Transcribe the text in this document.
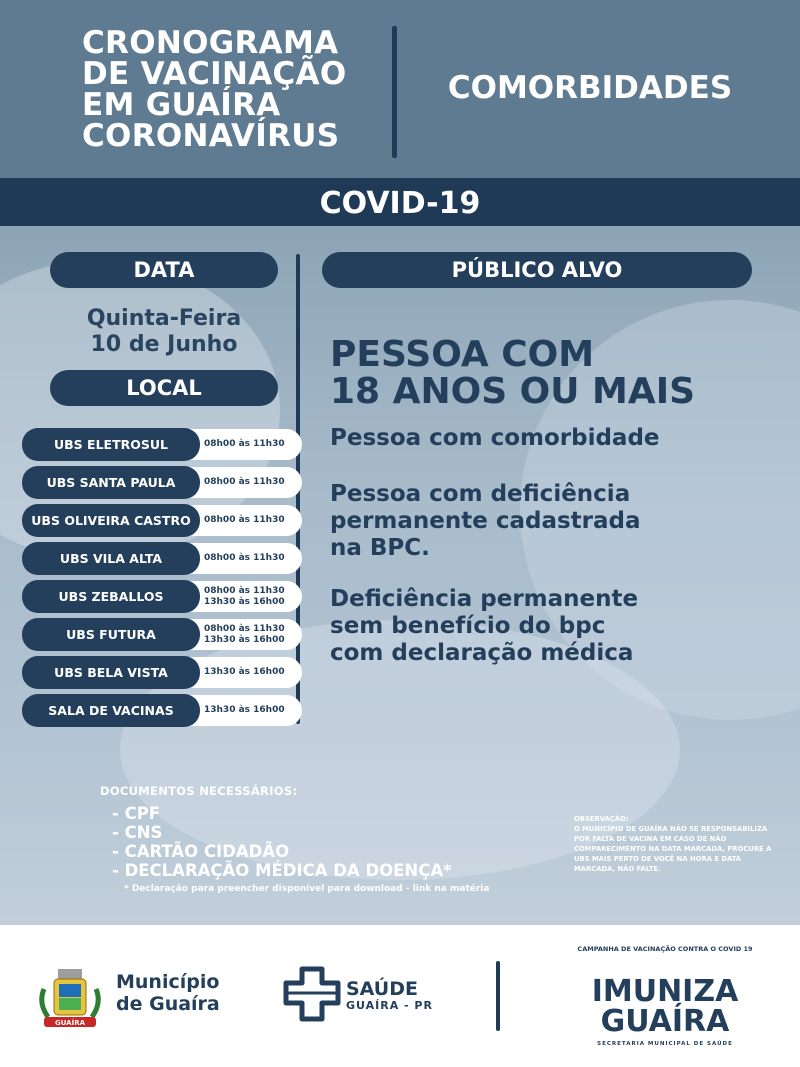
CRONOGRAMA
DE VACINAÇÃO
EM GUAÍRA
CORONAVÍRUS
COMORBIDADES
COVID-19
DATA
Quinta-Feira
10 de Junho
LOCAL
UBS ELETROSUL	08h00 às 11h30
UBS SANTA PAULA	08h00 às 11h30
UBS OLIVEIRA CASTRO	08h00 às 11h30
UBS VILA ALTA	08h00 às 11h30
UBS ZEBALLOS	08h00 às 11h30
13h30 às 16h00
UBS FUTURA	08h00 às 11h30
13h30 às 16h00
UBS BELA VISTA	13h30 às 16h00
SALA DE VACINAS	13h30 às 16h00
PÚBLICO ALVO
PESSOA COM
18 ANOS OU MAIS
Pessoa com comorbidade
Pessoa com deficiência
permanente cadastrada
na BPC.
Deficiência permanente
sem benefício do bpc
com declaração médica
DOCUMENTOS NECESSÁRIOS:
- CPF
- CNS
- CARTÃO CIDADÃO
- DECLARAÇÃO MÉDICA DA DOENÇA*
* Declaração para preencher disponível para download - link na matéria
OBSERVAÇÃO:
O MUNICÍPIO DE GUAÍRA NÃO SE RESPONSABILIZA POR FALTA DE VACINA EM CASO DE NÃO COMPARECIMENTO NA DATA MARCADA, PROCURE A UBS MAIS PERTO DE VOCÊ NA HORA E DATA MARCADA, NÃO FALTE.
GUAÍRA
Município
de Guaíra
SAÚDE
GUAÍRA - PR
CAMPANHA DE VACINAÇÃO CONTRA O COVID 19
IMUNIZA
GUAÍRA
SECRETARIA MUNICIPAL DE SAÚDE
